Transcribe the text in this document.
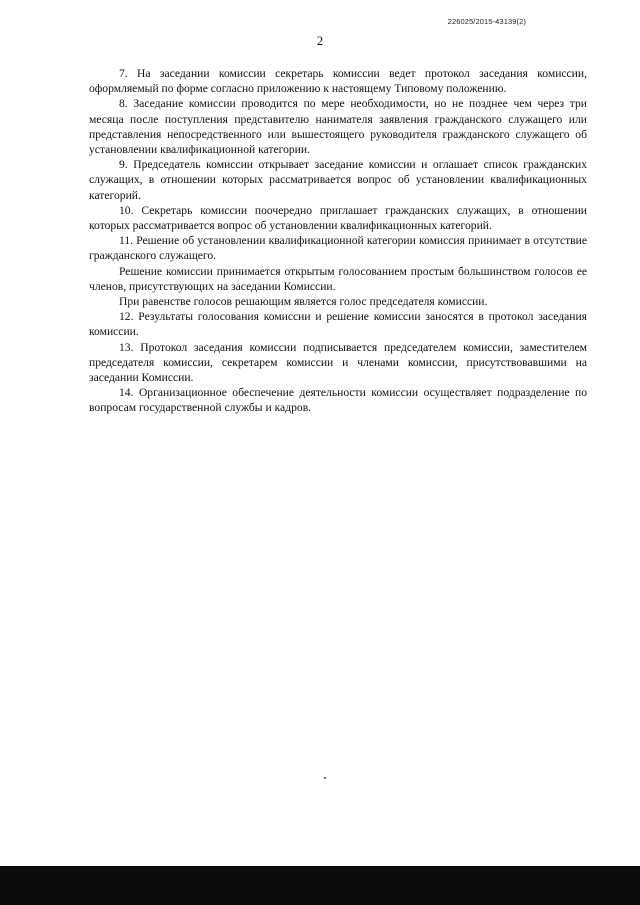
226025/2015-43139(2)
2

7. На заседании комиссии секретарь комиссии ведет протокол заседания комиссии, оформляемый по форме согласно приложению к настоящему Типовому положению.

8. Заседание комиссии проводится по мере необходимости, но не позднее чем через три месяца после поступления представителю нанимателя заявления гражданского служащего или представления непосредственного или вышестоящего руководителя гражданского служащего об установлении квалификационной категории.

9. Председатель комиссии открывает заседание комиссии и оглашает список гражданских служащих, в отношении которых рассматривается вопрос об установлении квалификационных категорий.

10. Секретарь комиссии поочередно приглашает гражданских служащих, в отношении которых рассматривается вопрос об установлении квалификационных категорий.

11. Решение об установлении квалификационной категории комиссия принимает в отсутствие гражданского служащего.

Решение комиссии принимается открытым голосованием простым большинством голосов ее членов, присутствующих на заседании Комиссии.

При равенстве голосов решающим является голос председателя комиссии.

12. Результаты голосования комиссии и решение комиссии заносятся в протокол заседания комиссии.

13. Протокол заседания комиссии подписывается председателем комиссии, заместителем председателя комиссии, секретарем комиссии и членами комиссии, присутствовавшими на заседании Комиссии.

14. Организационное обеспечение деятельности комиссии осуществляет подразделение по вопросам государственной службы и кадров.
